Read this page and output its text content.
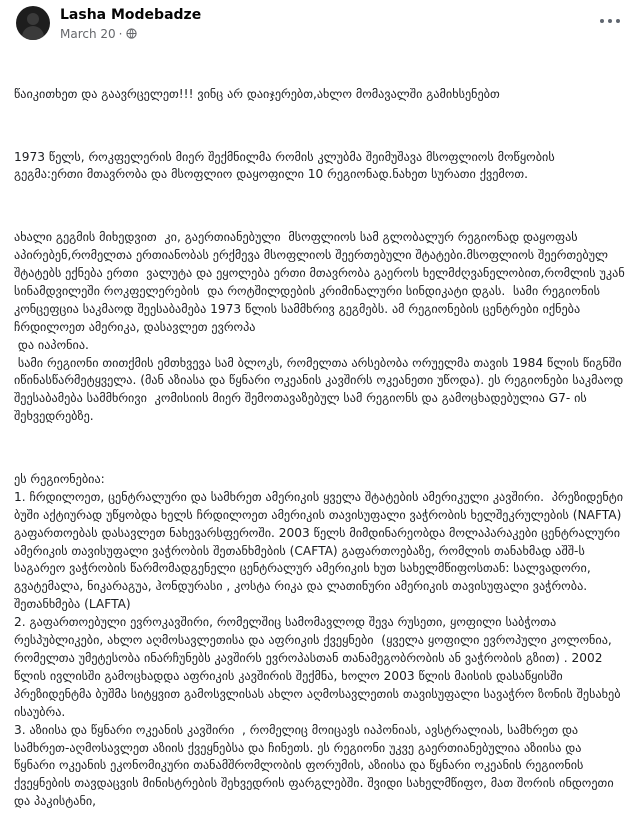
Lasha Modebadze
March 20 ·

წაიკითხეთ და გაავრცელეთ!!! ვინც არ დაიჯერებთ,ახლო მომავალში გამიხსენებთ

1973 წელს, როკფელერის მიერ შექმნილმა რომის კლუბმა შეიმუშავა მსოფლიოს მოწყობის გეგმა:ერთი მთავრობა და მსოფლიო დაყოფილი 10 რეგიონად.ნახეთ სურათი ქვემოთ.

ახალი გეგმის მიხედვით  კი, გაერთიანებული  მსოფლიოს სამ გლობალურ რეგიონად დაყოფას აპირებენ,რომელთა ერთიანობას ერქმევა მსოფლიოს შეერთებული შტატები.მსოფლიოს შეერთებულ შტატებს ექნება ერთი  ვალუტა და ეყოლება ერთი მთავრობა გაეროს ხელმძღვანელობით,რომლის უკან სინამდვილეში როკფელერების  და როტშილდების კრიმინალური სინდიკატი დგას.  სამი რეგიონის კონცეფცია საკმაოდ შეესაბამება 1973 წლის სამმხრივ გეგმებს. ამ რეგიონების ცენტრები იქნება ჩრდილოეთ ამერიკა, დასავლეთ ევროპა
და იაპონია.
სამი რეგიონი თითქმის ემთხვევა სამ ბლოკს, რომელთა არსებობა ორუელმა თავის 1984 წლის წიგნში იწინასწარმეტყველა. (მან აზიასა და წყნარი ოკეანის კავშირს ოკეანეთი უწოდა). ეს რეგიონები საკმაოდ შეესაბამება სამმხრივი  კომისიის მიერ შემოთავაზებულ სამ რეგიონს და გამოცხადებულია G7- ის შეხვედრებზე.

ეს რეგიონებია:
1. ჩრდილოეთ, ცენტრალური და სამხრეთ ამერიკის ყველა შტატების ამერიკული კავშირი.  პრეზიდენტი ბუში აქტიურად უწყობდა ხელს ჩრდილოეთ ამერიკის თავისუფალი ვაჭრობის ხელშეკრულების (NAFTA) გაფართოებას დასავლეთ ნახევარსფეროში. 2003 წელს მიმდინარეობდა მოლაპარაკები ცენტრალური ამერიკის თავისუფალი ვაჭრობის შეთანხმების (CAFTA) გაფართოებაზე, რომლის თანახმად აშშ-ს საგარეო ვაჭრობის წარმომადგენელი ცენტრალურ ამერიკის ხუთ სახელმწიფოსთან: სალვადორი, გვატემალა, ნიკარაგუა, ჰონდურასი , კოსტა რიკა და ლათინური ამერიკის თავისუფალი ვაჭრობა. შეთანხმება (LAFTA)
2. გაფართოებული ევროკავშირი, რომელშიც სამომავლოდ შევა რუსეთი, ყოფილი საბჭოთა რესპუბლიკები, ახლო აღმოსავლეთისა და აფრიკის ქვეყნები  (ყველა ყოფილი ევროპული კოლონია, რომელთა უმეტესობა ინარჩუნებს კავშირს ევროპასთან თანამეგობრობის ან ვაჭრობის გზით) . 2002 წლის ივლისში გამოცხადდა აფრიკის კავშირის შექმნა, ხოლო 2003 წლის მაისის დასაწყისში პრეზიდენტმა ბუშმა სიტყვით გამოსვლისას ახლო აღმოსავლეთის თავისუფალი სავაჭრო ზონის შესახებ ისაუბრა.
3. აზიისა და წყნარი ოკეანის კავშირი  , რომელიც მოიცავს იაპონიას, ავსტრალიას, სამხრეთ და სამხრეთ-აღმოსავლეთ აზიის ქვეყნებსა და ჩინეთს. ეს რეგიონი უკვე გაერთიანებულია აზიისა და წყნარი ოკეანის ეკონომიკური თანამშრომლობის ფორუმის, აზიისა და წყნარი ოკეანის რეგიონის ქვეყნების თავდაცვის მინისტრების შეხვედრის ფარგლებში. შვიდი სახელმწიფო, მათ შორის ინდოეთი და პაკისტანი,
